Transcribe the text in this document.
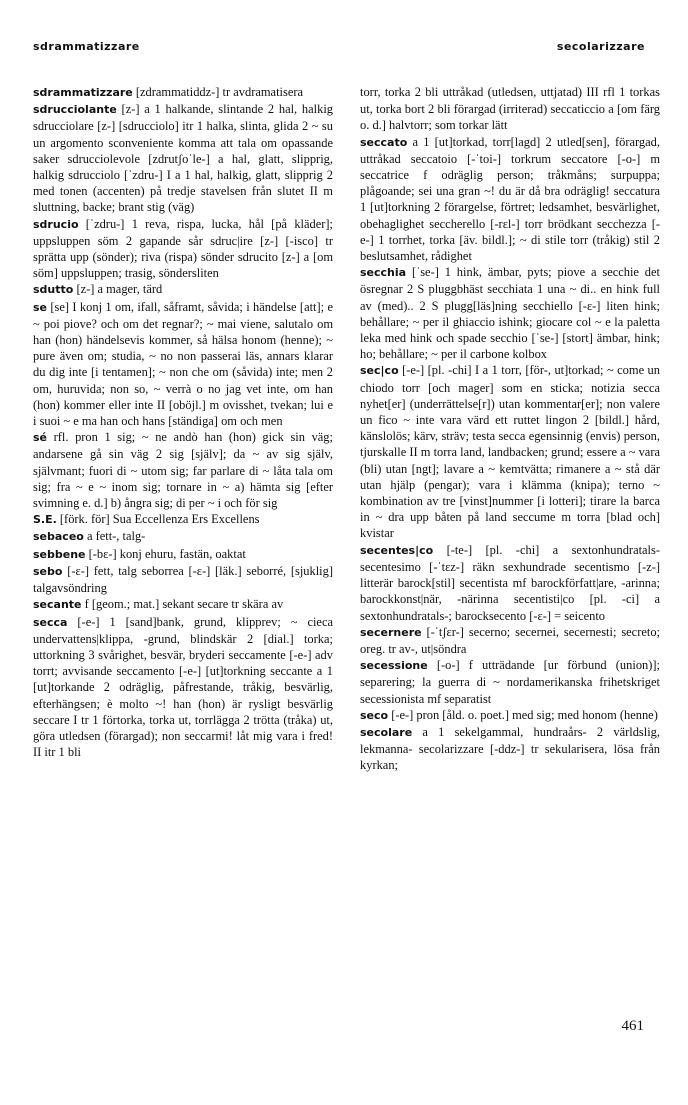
sdrammatizzare	secolarizzare

sdrammatizzare [zdrammatiddz-] tr avdramatisera

sdrucciolante [z-] a 1 halkande, slintande 2 hal, halkig sdrucciolare [z-] [sdrucciolo] itr 1 halka, slinta, glida 2 ~ su un argomento sconveniente komma att tala om opassande saker sdrucciolevole [zdrutʃoˈle-] a hal, glatt, slipprig, halkig sdrucciolo [ˈzdru-] I a 1 hal, halkig, glatt, slipprig 2 med tonen (accenten) på tredje stavelsen från slutet II m sluttning, backe; brant stig (väg)

sdrucio [ˈzdru-] 1 reva, rispa, lucka, hål [på kläder]; uppsluppen söm 2 gapande sår sdruc|ire [z-] [-isco] tr sprätta upp (sönder); riva (rispa) sönder sdrucito [z-] a [om söm] uppsluppen; trasig, söndersliten

sdutto [z-] a mager, tärd

se [se] I konj 1 om, ifall, såframt, såvida; i händelse [att]; e ~ poi piove? och om det regnar?; ~ mai viene, salutalo om han (hon) händelsevis kommer, så hälsa honom (henne); ~ pure även om; studia, ~ no non passerai läs, annars klarar du dig inte [i tentamen]; ~ non che om (såvida) inte; men 2 om, huruvida; non so, ~ verrà o no jag vet inte, om han (hon) kommer eller inte II [oböjl.] m ovisshet, tvekan; lui e i suoi ~ e ma han och hans [ständiga] om och men

sé rfl. pron 1 sig; ~ ne andò han (hon) gick sin väg; andarsene gå sin väg 2 sig [själv]; da ~ av sig själv, självmant; fuori di ~ utom sig; far parlare di ~ låta tala om sig; fra ~ e ~ inom sig; tornare in ~ a) hämta sig [efter svimning e. d.] b) ångra sig; di per ~ i och för sig

S.E. [förk. för] Sua Eccellenza Ers Excellens

sebaceo a fett-, talg-

sebbene [-bɛ-] konj ehuru, fastän, oaktat

sebo [-ɛ-] fett, talg seborrea [-ɛ-] [läk.] seborré, [sjuklig] talgavsöndring

secante f [geom.; mat.] sekant secare tr skära av

secca [-e-] 1 [sand]bank, grund, klipprev; ~ cieca undervattens|klippa, -grund, blindskär 2 [dial.] torka; uttorkning 3 svårighet, besvär, bryderi seccamente [-e-] adv torrt; avvisande seccamento [-e-] [ut]torkning seccante a 1 [ut]torkande 2 odräglig, påfrestande, tråkig, besvärlig, efterhängsen; è molto ~! han (hon) är rysligt besvärlig seccare I tr 1 förtorka, torka ut, torrlägga 2 trötta (tråka) ut, göra utledsen (förargad); non seccarmi! låt mig vara i fred! II itr 1 bli

torr, torka 2 bli uttråkad (utledsen, uttjatad) III rfl 1 torkas ut, torka bort 2 bli förargad (irriterad) seccaticcio a [om färg o. d.] halvtorr; som torkar lätt

seccato a 1 [ut]torkad, torr[lagd] 2 utled[sen], förargad, uttråkad seccatoio [-ˈtoi-] torkrum seccatore [-o-] m seccatrice f odräglig person; tråkmåns; surpuppa; plågoande; sei una gran ~! du är då bra odräglig! seccatura 1 [ut]torkning 2 förargelse, förtret; ledsamhet, besvärlighet, obehaglighet seccherello [-rɛl-] torr brödkant secchezza [-e-] 1 torrhet, torka [äv. bildl.]; ~ di stile torr (tråkig) stil 2 beslutsamhet, rådighet

secchia [ˈse-] 1 hink, ämbar, pyts; piove a secchie det ösregnar 2 S pluggbhäst secchiata 1 una ~ di.. en hink full av (med).. 2 S plugg[läs]ning secchiello [-ɛ-] liten hink; behållare; ~ per il ghiaccio ishink; giocare col ~ e la paletta leka med hink och spade secchio [ˈse-] [stort] ämbar, hink; ho; behållare; ~ per il carbone kolbox

sec|co [-e-] [pl. -chi] I a 1 torr, [för-, ut]torkad; ~ come un chiodo torr [och mager] som en sticka; notizia secca nyhet[er] (underrättelse[r]) utan kommentar[er]; non valere un fico ~ inte vara värd ett ruttet lingon 2 [bildl.] hård, känslolös; kärv, sträv; testa secca egensinnig (envis) person, tjurskalle II m torra land, landbacken; grund; essere a ~ vara (bli) utan [ngt]; lavare a ~ kemtvätta; rimanere a ~ stå där utan hjälp (pengar); vara i klämma (knipa); terno ~ kombination av tre [vinst]nummer [i lotteri]; tirare la barca in ~ dra upp båten på land seccume m torra [blad och] kvistar

secentes|co [-te-] [pl. -chi] a sextonhundratals- secentesimo [-ˈtɛz-] räkn sexhundrade secentismo [-z-] litterär barock[stil] secentista mf barockförfatt|are, -arinna; barockkonst|när, -närinna secentisti|co [pl. -ci] a sextonhundratals-; barocksecento [-ɛ-] = seicento

secernere [-ˈtʃɛr-] secerno; secernei, secernesti; secreto; oreg. tr av-, ut|söndra

secessione [-o-] f utträdande [ur förbund (union)]; separering; la guerra di ~ nordamerikanska frihetskriget secessionista mf separatist

seco [-e-] pron [åld. o. poet.] med sig; med honom (henne)

secolare a 1 sekelgammal, hundraårs- 2 världslig, lekmanna- secolarizzare [-ddz-] tr sekularisera, lösa från kyrkan;

461
